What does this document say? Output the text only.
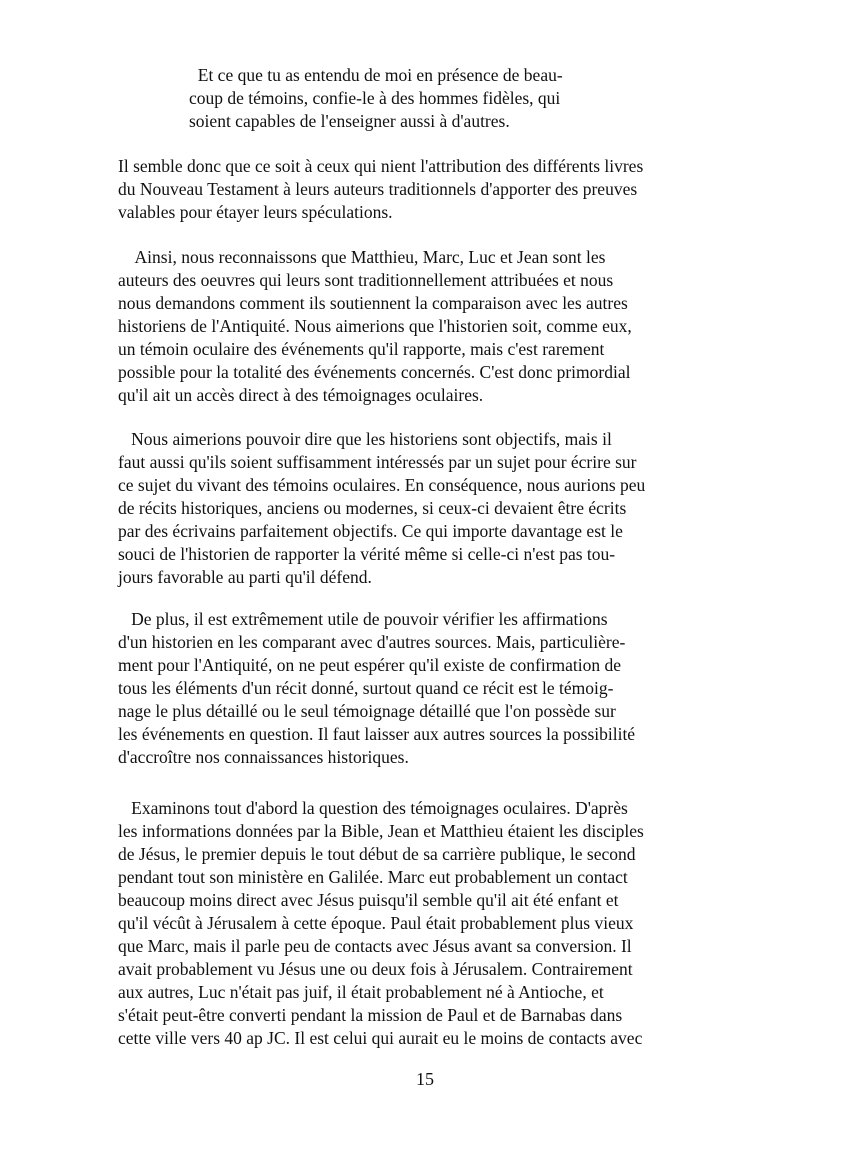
Et ce que tu as entendu de moi en présence de beau-
coup de témoins, confie-le à des hommes fidèles, qui
soient capables de l'enseigner aussi à d'autres.
Il semble donc que ce soit à ceux qui nient l'attribution des différents livres
du Nouveau Testament à leurs auteurs traditionnels d'apporter des preuves
valables pour étayer leurs spéculations.
Ainsi, nous reconnaissons que Matthieu, Marc, Luc et Jean sont les
auteurs des oeuvres qui leurs sont traditionnellement attribuées et nous
nous demandons comment ils soutiennent la comparaison avec les autres
historiens de l'Antiquité. Nous aimerions que l'historien soit, comme eux,
un témoin oculaire des événements qu'il rapporte, mais c'est rarement
possible pour la totalité des événements concernés. C'est donc primordial
qu'il ait un accès direct à des témoignages oculaires.
Nous aimerions pouvoir dire que les historiens sont objectifs, mais il
faut aussi qu'ils soient suffisamment intéressés par un sujet pour écrire sur
ce sujet du vivant des témoins oculaires. En conséquence, nous aurions peu
de récits historiques, anciens ou modernes, si ceux-ci devaient être écrits
par des écrivains parfaitement objectifs. Ce qui importe davantage est le
souci de l'historien de rapporter la vérité même si celle-ci n'est pas tou-
jours favorable au parti qu'il défend.
De plus, il est extrêmement utile de pouvoir vérifier les affirmations
d'un historien en les comparant avec d'autres sources. Mais, particulière-
ment pour l'Antiquité, on ne peut espérer qu'il existe de confirmation de
tous les éléments d'un récit donné, surtout quand ce récit est le témoig-
nage le plus détaillé ou le seul témoignage détaillé que l'on possède sur
les événements en question. Il faut laisser aux autres sources la possibilité
d'accroître nos connaissances historiques.
Examinons tout d'abord la question des témoignages oculaires. D'après
les informations données par la Bible, Jean et Matthieu étaient les disciples
de Jésus, le premier depuis le tout début de sa carrière publique, le second
pendant tout son ministère en Galilée. Marc eut probablement un contact
beaucoup moins direct avec Jésus puisqu'il semble qu'il ait été enfant et
qu'il vécût à Jérusalem à cette époque. Paul était probablement plus vieux
que Marc, mais il parle peu de contacts avec Jésus avant sa conversion. Il
avait probablement vu Jésus une ou deux fois à Jérusalem. Contrairement
aux autres, Luc n'était pas juif, il était probablement né à Antioche, et
s'était peut-être converti pendant la mission de Paul et de Barnabas dans
cette ville vers 40 ap JC. Il est celui qui aurait eu le moins de contacts avec
15
